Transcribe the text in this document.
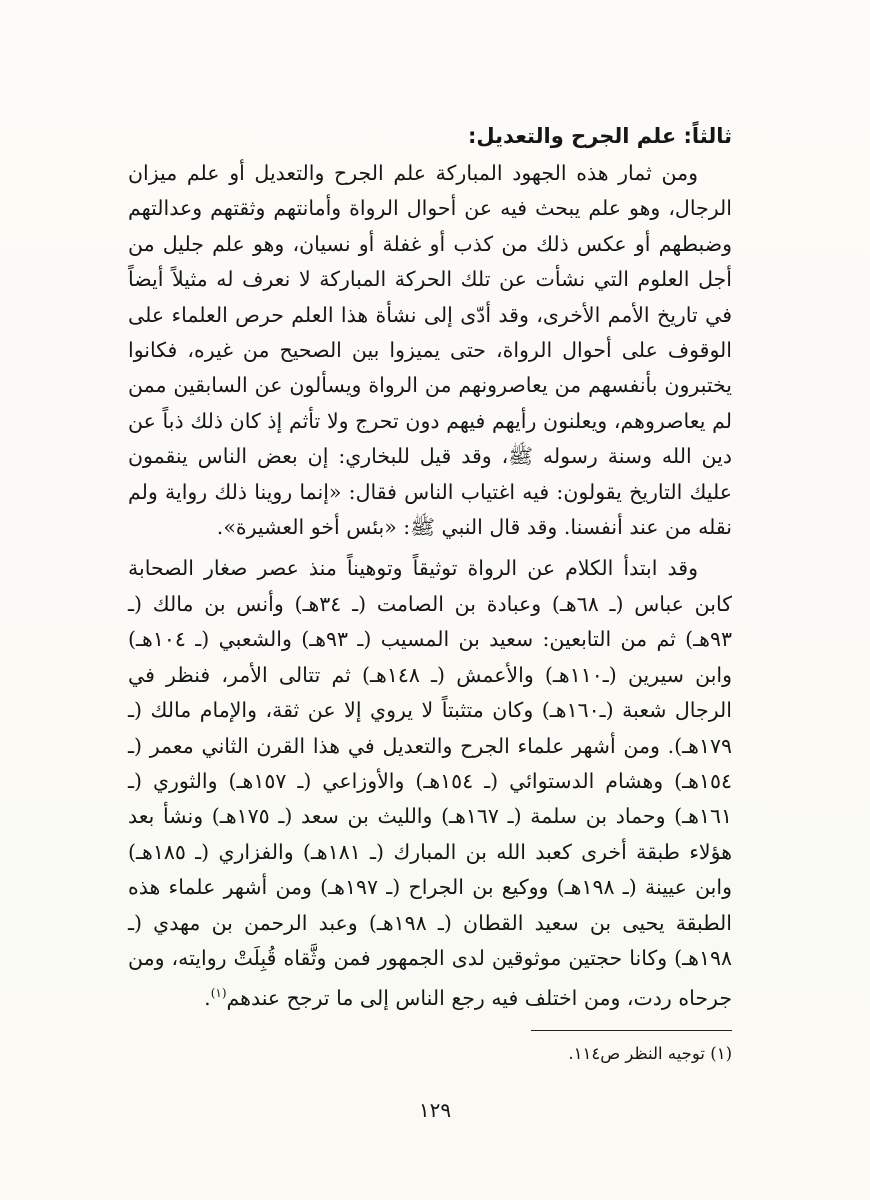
ثالثاً: علم الجرح والتعديل:

ومن ثمار هذه الجهود المباركة علم الجرح والتعديل أو علم ميزان الرجال، وهو علم يبحث فيه عن أحوال الرواة وأمانتهم وثقتهم وعدالتهم وضبطهم أو عكس ذلك من كذب أو غفلة أو نسيان، وهو علم جليل من أجل العلوم التي نشأت عن تلك الحركة المباركة لا نعرف له مثيلاً أيضاً في تاريخ الأمم الأخرى، وقد أدّى إلى نشأة هذا العلم حرص العلماء على الوقوف على أحوال الرواة، حتى يميزوا بين الصحيح من غيره، فكانوا يختبرون بأنفسهم من يعاصرونهم من الرواة ويسألون عن السابقين ممن لم يعاصروهم، ويعلنون رأيهم فيهم دون تحرج ولا تأثم إذ كان ذلك ذباً عن دين الله وسنة رسوله ﷺ، وقد قيل للبخاري: إن بعض الناس ينقمون عليك التاريخ يقولون: فيه اغتياب الناس فقال: «إنما روينا ذلك رواية ولم نقله من عند أنفسنا. وقد قال النبي ﷺ: «بئس أخو العشيرة».

وقد ابتدأ الكلام عن الرواة توثيقاً وتوهيناً منذ عصر صغار الصحابة كابن عباس (ـ ٦٨هـ) وعبادة بن الصامت (ـ ٣٤هـ) وأنس بن مالك (ـ ٩٣هـ) ثم من التابعين: سعيد بن المسيب (ـ ٩٣هـ) والشعبي (ـ ١٠٤هـ) وابن سيرين (ـ١١٠هـ) والأعمش (ـ ١٤٨هـ) ثم تتالى الأمر، فنظر في الرجال شعبة (ـ١٦٠هـ) وكان متثبتاً لا يروي إلا عن ثقة، والإمام مالك (ـ ١٧٩هـ). ومن أشهر علماء الجرح والتعديل في هذا القرن الثاني معمر (ـ ١٥٤هـ) وهشام الدستوائي (ـ ١٥٤هـ) والأوزاعي (ـ ١٥٧هـ) والثوري (ـ ١٦١هـ) وحماد بن سلمة (ـ ١٦٧هـ) والليث بن سعد (ـ ١٧٥هـ) ونشأ بعد هؤلاء طبقة أخرى كعبد الله بن المبارك (ـ ١٨١هـ) والفزاري (ـ ١٨٥هـ) وابن عيينة (ـ ١٩٨هـ) ووكيع بن الجراح (ـ ١٩٧هـ) ومن أشهر علماء هذه الطبقة يحيى بن سعيد القطان (ـ ١٩٨هـ) وعبد الرحمن بن مهدي (ـ ١٩٨هـ) وكانا حجتين موثوقين لدى الجمهور فمن وثَّقاه قُبِلَتْ روايته، ومن جرحاه ردت، ومن اختلف فيه رجع الناس إلى ما ترجح عندهم$^{(١)}$.

(١) توجيه النظر ص١١٤.
١٢٩
